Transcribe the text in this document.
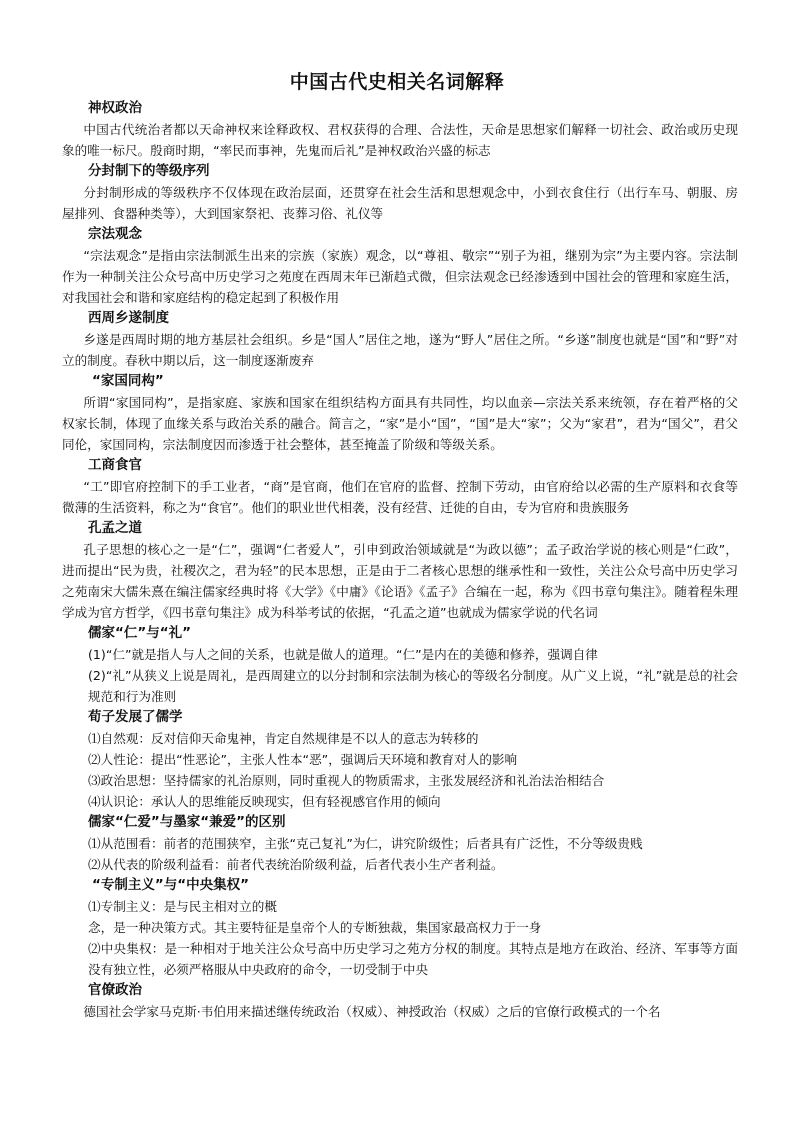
中国古代史相关名词解释
神权政治
中国古代统治者都以天命神权来诠释政权、君权获得的合理、合法性，天命是思想家们解释一切社会、政治或历史现象的唯一标尺。殷商时期，“率民而事神，先鬼而后礼”是神权政治兴盛的标志
分封制下的等级序列
分封制形成的等级秩序不仅体现在政治层面，还贯穿在社会生活和思想观念中，小到衣食住行（出行车马、朝服、房屋排列、食器种类等），大到国家祭祀、丧葬习俗、礼仪等
宗法观念
“宗法观念”是指由宗法制派生出来的宗族（家族）观念，以“尊祖、敬宗”“别子为祖，继别为宗”为主要内容。宗法制作为一种制关注公众号高中历史学习之苑度在西周末年已渐趋式微，但宗法观念已经渗透到中国社会的管理和家庭生活，对我国社会和谐和家庭结构的稳定起到了积极作用
西周乡遂制度
乡遂是西周时期的地方基层社会组织。乡是“国人”居住之地，遂为“野人”居住之所。“乡遂”制度也就是“国”和“野”对立的制度。春秋中期以后，这一制度逐渐废弃
“家国同构”
所谓“家国同构”，是指家庭、家族和国家在组织结构方面具有共同性，均以血亲—宗法关系来统领，存在着严格的父权家长制，体现了血缘关系与政治关系的融合。简言之，“家”是小“国”，“国”是大“家”；父为“家君”，君为“国父”，君父同伦，家国同构，宗法制度因而渗透于社会整体，甚至掩盖了阶级和等级关系。
工商食官
“工”即官府控制下的手工业者，“商”是官商，他们在官府的监督、控制下劳动，由官府给以必需的生产原料和衣食等微薄的生活资料，称之为“食官”。他们的职业世代相袭，没有经营、迁徙的自由，专为官府和贵族服务
孔孟之道
孔子思想的核心之一是“仁”，强调“仁者爱人”，引申到政治领域就是“为政以德”；孟子政治学说的核心则是“仁政”，进而提出“民为贵，社稷次之，君为轻”的民本思想，正是由于二者核心思想的继承性和一致性，关注公众号高中历史学习之苑南宋大儒朱熹在编注儒家经典时将《大学》《中庸》《论语》《孟子》合编在一起，称为《四书章句集注》。随着程朱理学成为官方哲学，《四书章句集注》成为科举考试的依据，“孔孟之道”也就成为儒家学说的代名词
儒家“仁”与“礼”
(1)“仁”就是指人与人之间的关系，也就是做人的道理。“仁”是内在的美德和修养，强调自律
(2)“礼”从狭义上说是周礼，是西周建立的以分封制和宗法制为核心的等级名分制度。从广义上说，“礼”就是总的社会规范和行为准则
荀子发展了儒学
⑴自然观：反对信仰天命鬼神，肯定自然规律是不以人的意志为转移的
⑵人性论：提出“性恶论”，主张人性本“恶”，强调后天环境和教育对人的影响
⑶政治思想：坚持儒家的礼治原则，同时重视人的物质需求，主张发展经济和礼治法治相结合
⑷认识论：承认人的思维能反映现实，但有轻视感官作用的倾向
儒家“仁爱”与墨家“兼爱”的区别
⑴从范围看：前者的范围狭窄，主张“克己复礼”为仁，讲究阶级性；后者具有广泛性，不分等级贵贱
⑵从代表的阶级利益看：前者代表统治阶级利益，后者代表小生产者利益。
“专制主义”与“中央集权”
⑴专制主义：是与民主相对立的概
念，是一种决策方式。其主要特征是皇帝个人的专断独裁，集国家最高权力于一身
⑵中央集权：是一种相对于地关注公众号高中历史学习之苑方分权的制度。其特点是地方在政治、经济、军事等方面没有独立性，必须严格服从中央政府的命令，一切受制于中央
官僚政治
德国社会学家马克斯·韦伯用来描述继传统政治（权威）、神授政治（权威）之后的官僚行政模式的一个名
